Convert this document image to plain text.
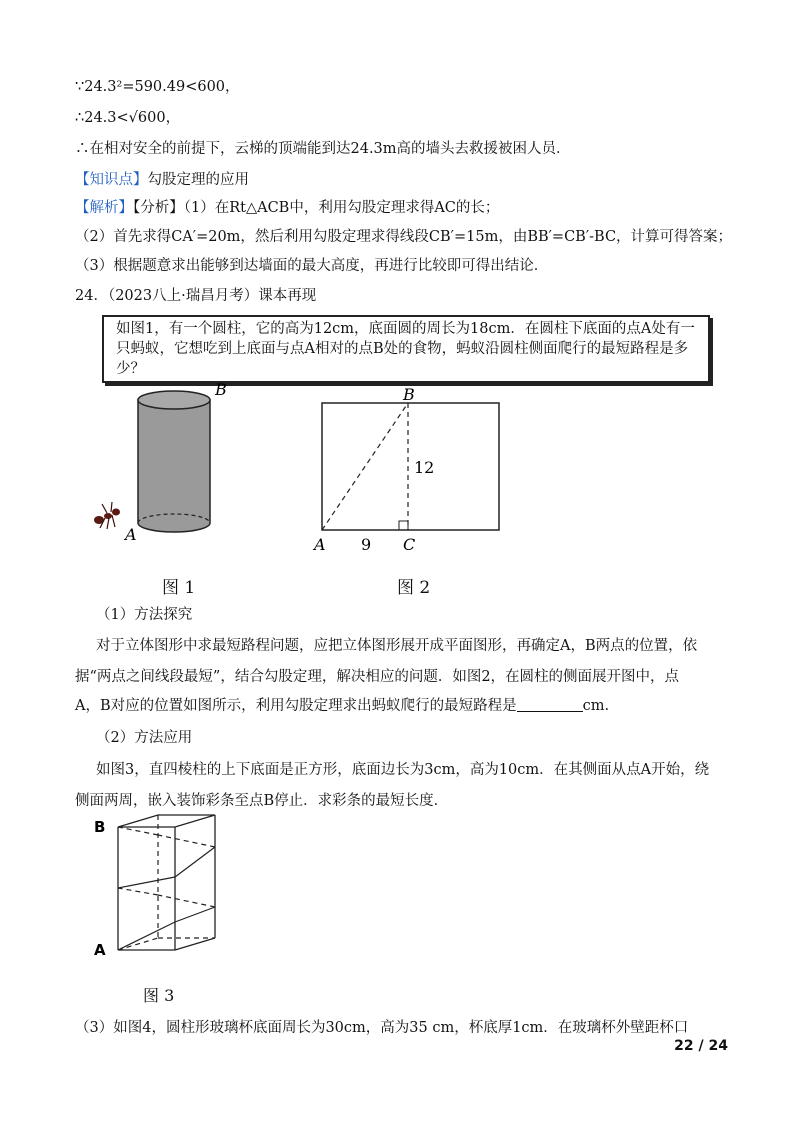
∵24.3²=590.49<600，
∴24.3<√600，
∴在相对安全的前提下，云梯的顶端能到达24.3m高的墙头去救援被困人员．
【知识点】勾股定理的应用
【解析】【分析】（1）在Rt△ACB中，利用勾股定理求得AC的长；
（2）首先求得CA′=20m，然后利用勾股定理求得线段CB′=15m，由BB′=CB′-BC，计算可得答案；
（3）根据题意求出能够到达墙面的最大高度，再进行比较即可得出结论．
24．（2023八上·瑞昌月考）课本再现
如图1，有一个圆柱，它的高为12cm，底面圆的周长为18cm．在圆柱下底面的点A处有一
只蚂蚁，它想吃到上底面与点A相对的点B处的食物，蚂蚁沿圆柱侧面爬行的最短路程是多
少？
B
A
图 1
B
12
A 9 C
图 2
（1）方法探究
对于立体图形中求最短路程问题，应把立体图形展开成平面图形，再确定A，B两点的位置，依
据“两点之间线段最短”，结合勾股定理，解决相应的问题．如图2，在圆柱的侧面展开图中，点
A，B对应的位置如图所示，利用勾股定理求出蚂蚁爬行的最短路程是	cm.
（2）方法应用
如图3，直四棱柱的上下底面是正方形，底面边长为3cm，高为10cm．在其侧面从点A开始，绕
侧面两周，嵌入装饰彩条至点B停止．求彩条的最短长度．
B
A
图 3
（3）如图4，圆柱形玻璃杯底面周长为30cm，高为35 cm，杯底厚1cm．在玻璃杯外壁距杯口
22 / 24
